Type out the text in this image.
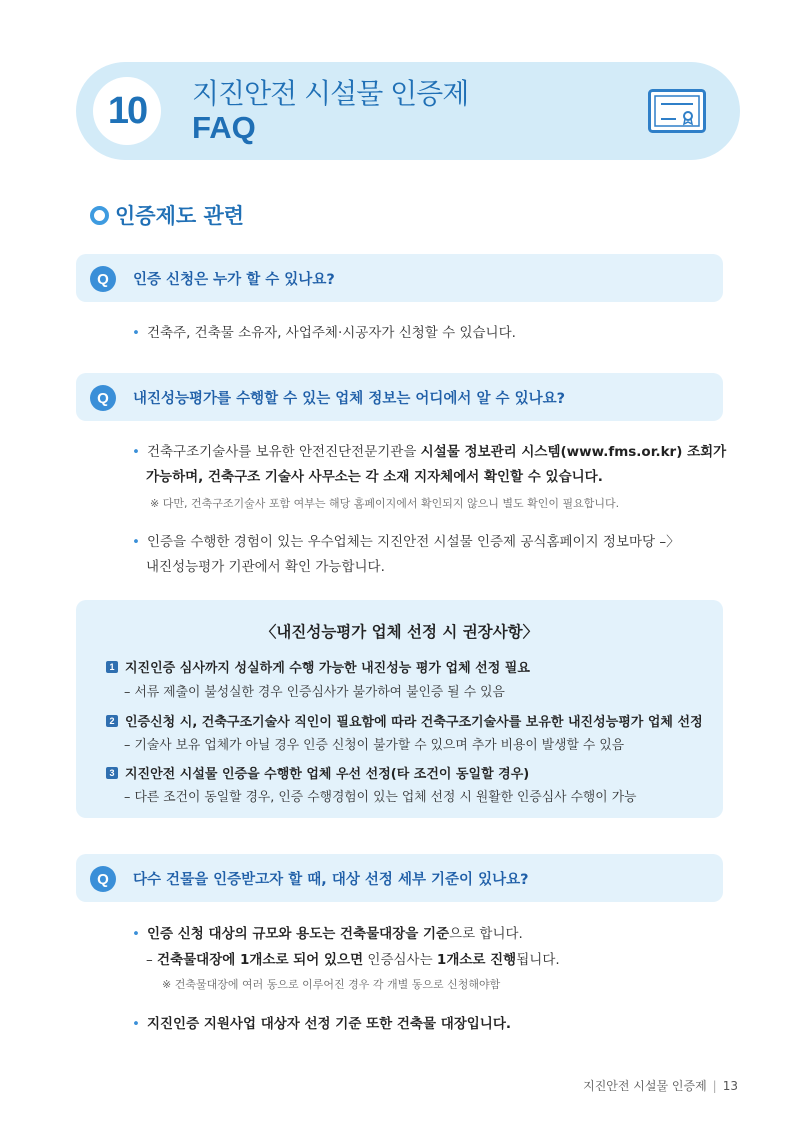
10	지진안전 시설물 인증제
FAQ
인증제도 관련
Q	인증 신청은 누가 할 수 있나요?
• 건축주, 건축물 소유자, 사업주체·시공자가 신청할 수 있습니다.
Q	내진성능평가를 수행할 수 있는 업체 정보는 어디에서 알 수 있나요?
• 건축구조기술사를 보유한 안전진단전문기관을 시설물 정보관리 시스템(www.fms.or.kr) 조회가
가능하며, 건축구조 기술사 사무소는 각 소재 지자체에서 확인할 수 있습니다.
※ 다만, 건축구조기술사 포함 여부는 해당 홈페이지에서 확인되지 않으니 별도 확인이 필요합니다.
• 인증을 수행한 경험이 있는 우수업체는 지진안전 시설물 인증제 공식홈페이지 정보마당 –〉
내진성능평가 기관에서 확인 가능합니다.
〈내진성능평가 업체 선정 시 권장사항〉
1 지진인증 심사까지 성실하게 수행 가능한 내진성능 평가 업체 선정 필요
– 서류 제출이 불성실한 경우 인증심사가 불가하여 불인증 될 수 있음
2 인증신청 시, 건축구조기술사 직인이 필요함에 따라 건축구조기술사를 보유한 내진성능평가 업체 선정
– 기술사 보유 업체가 아닐 경우 인증 신청이 불가할 수 있으며 추가 비용이 발생할 수 있음
3 지진안전 시설물 인증을 수행한 업체 우선 선정(타 조건이 동일할 경우)
– 다른 조건이 동일할 경우, 인증 수행경험이 있는 업체 선정 시 원활한 인증심사 수행이 가능
Q	다수 건물을 인증받고자 할 때, 대상 선정 세부 기준이 있나요?
• 인증 신청 대상의 규모와 용도는 건축물대장을 기준으로 합니다.
– 건축물대장에 1개소로 되어 있으면 인증심사는 1개소로 진행됩니다.
※ 건축물대장에 여러 동으로 이루어진 경우 각 개별 동으로 신청해야함
• 지진인증 지원사업 대상자 선정 기준 또한 건축물 대장입니다.
지진안전 시설물 인증제 | 13
